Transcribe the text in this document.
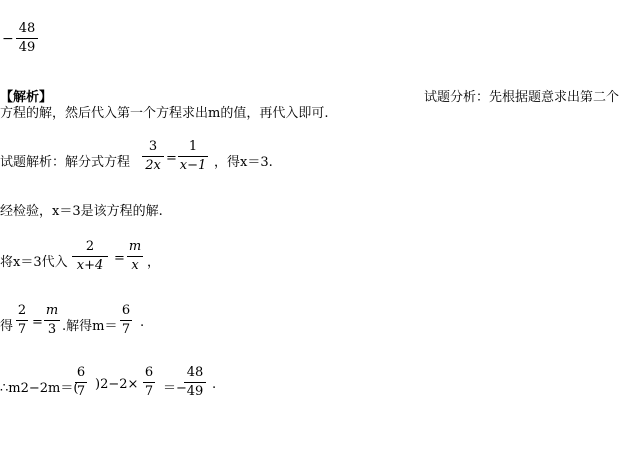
−
48
49
【解析】	试题分析：先根据题意求出第二个
方程的解，然后代入第一个方程求出m的值，再代入即可.
试题解析：解分式方程
3
2x =
1
x−1 ，得x＝3.
经检验，x＝3是该方程的解.
将x＝3代入
2
x+4 =
m
x ，
得
2
7 =
m
3 .解得m＝
6
7 .
∴m2−2m＝(
6
7 )2−2×
6
7 ＝−
48
49 .
